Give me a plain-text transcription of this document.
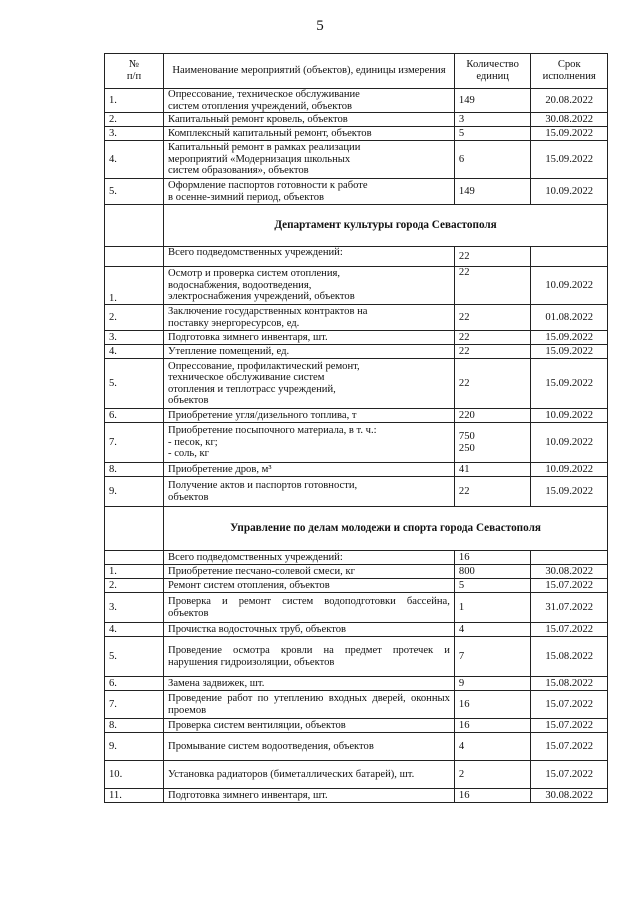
5
№
п/п	Наименование мероприятий (объектов), единицы измерения	Количество единиц	Срок исполнения
1.	Опрессование, техническое обслуживание
систем отопления учреждений, объектов	149	20.08.2022
2.	Капитальный ремонт кровель, объектов	3	30.08.2022
3.	Комплексный капитальный ремонт, объектов	5	15.09.2022
4.	Капитальный ремонт в рамках реализации
мероприятий «Модернизация школьных
систем образования», объектов	6	15.09.2022
5.	Оформление паспортов готовности к работе
в осенне-зимний период, объектов	149	10.09.2022
	Департамент культуры города Севастополя		
	Всего подведомственных учреждений:	22	
1.	Осмотр и проверка систем отопления,
водоснабжения, водоотведения,
электроснабжения учреждений, объектов	22	10.09.2022
2.	Заключение государственных контрактов на
поставку энергоресурсов, ед.	22	01.08.2022
3.	Подготовка зимнего инвентаря, шт.	22	15.09.2022
4.	Утепление помещений, ед.	22	15.09.2022
5.	Опрессование, профилактический ремонт,
техническое обслуживание систем
отопления и теплотрасс учреждений,
объектов	22	15.09.2022
6.	Приобретение угля/дизельного топлива, т	220	10.09.2022
7.	Приобретение посыпочного материала, в т. ч.:
- песок, кг;
- соль, кг	750
250	10.09.2022
8.	Приобретение дров, м³	41	10.09.2022
9.	Получение актов и паспортов готовности,
объектов	22	15.09.2022
	Управление по делам молодежи и спорта города Севастополя		
	Всего подведомственных учреждений:	16	
1.	Приобретение песчано-солевой смеси, кг	800	30.08.2022
2.	Ремонт систем отопления, объектов	5	15.07.2022
3.	Проверка и ремонт систем водоподготовки бассейна, объектов	1	31.07.2022
4.	Прочистка водосточных труб, объектов	4	15.07.2022
5.	Проведение осмотра кровли на предмет протечек и нарушения гидроизоляции, объектов	7	15.08.2022
6.	Замена задвижек, шт.	9	15.08.2022
7.	Проведение работ по утеплению входных дверей, оконных проемов	16	15.07.2022
8.	Проверка систем вентиляции, объектов	16	15.07.2022
9.	Промывание систем водоотведения, объектов	4	15.07.2022
10.	Установка радиаторов (биметаллических батарей), шт.	2	15.07.2022
11.	Подготовка зимнего инвентаря, шт.	16	30.08.2022
